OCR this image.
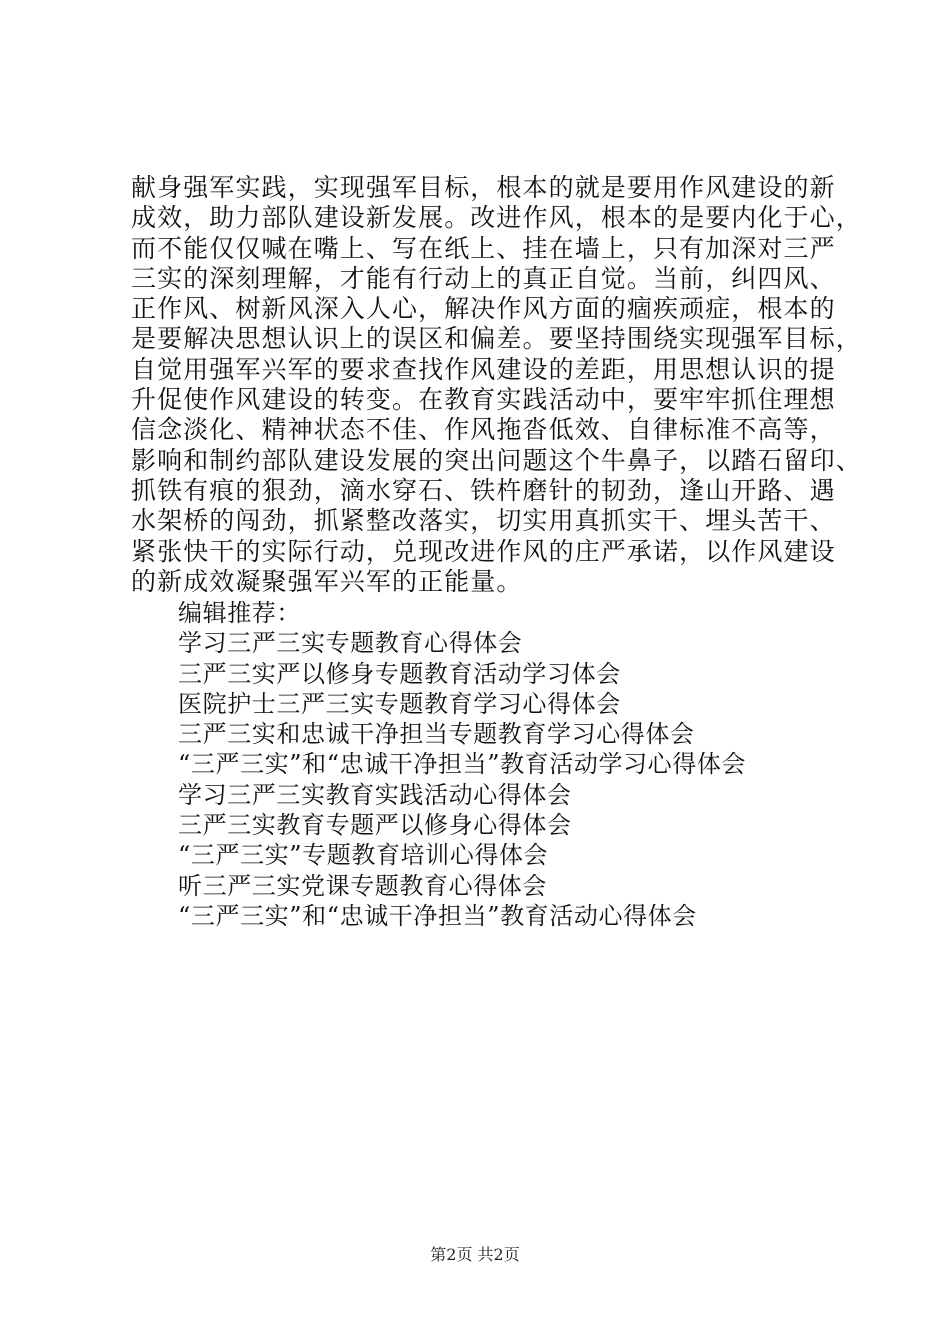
献身强军实践，实现强军目标，根本的就是要用作风建设的新
成效，助力部队建设新发展。改进作风，根本的是要内化于心，
而不能仅仅喊在嘴上、写在纸上、挂在墙上，只有加深对三严
三实的深刻理解，才能有行动上的真正自觉。当前，纠四风、
正作风、树新风深入人心，解决作风方面的痼疾顽症，根本的
是要解决思想认识上的误区和偏差。要坚持围绕实现强军目标，
自觉用强军兴军的要求查找作风建设的差距，用思想认识的提
升促使作风建设的转变。在教育实践活动中，要牢牢抓住理想
信念淡化、精神状态不佳、作风拖沓低效、自律标准不高等，
影响和制约部队建设发展的突出问题这个牛鼻子，以踏石留印、
抓铁有痕的狠劲，滴水穿石、铁杵磨针的韧劲，逢山开路、遇
水架桥的闯劲，抓紧整改落实，切实用真抓实干、埋头苦干、
紧张快干的实际行动，兑现改进作风的庄严承诺，以作风建设
的新成效凝聚强军兴军的正能量。
编辑推荐：
学习三严三实专题教育心得体会
三严三实严以修身专题教育活动学习体会
医院护士三严三实专题教育学习心得体会
三严三实和忠诚干净担当专题教育学习心得体会
“三严三实”和“忠诚干净担当”教育活动学习心得体会
学习三严三实教育实践活动心得体会
三严三实教育专题严以修身心得体会
“三严三实”专题教育培训心得体会
听三严三实党课专题教育心得体会
“三严三实”和“忠诚干净担当”教育活动心得体会
第2页 共2页
